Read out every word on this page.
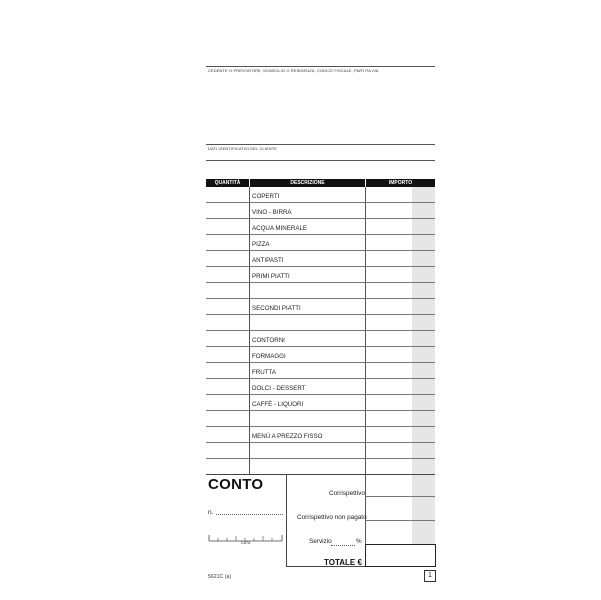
CEDENTE O PRESTATORE, DOMICILIO O RESIDENZA, CODICE FISCALE, PARTITA IVA
DATI IDENTIFICATIVI DEL CLIENTE
QUANTITÀ	DESCRIZIONE	IMPORTO
COPERTI
VINO - BIRRA
ACQUA MINERALE
PIZZA
ANTIPASTI
PRIMI PIATTI
SECONDI PIATTI
CONTORNI
FORMAGGI
FRUTTA
DOLCI - DESSERT
CAFFÈ - LIQUORI
MENÙ A PREZZO FISSO
CONTO
n.
DATA
5621C (a)
Corrispettivo
Corrispettivo non pagato
Servizio	%
TOTALE €
1
